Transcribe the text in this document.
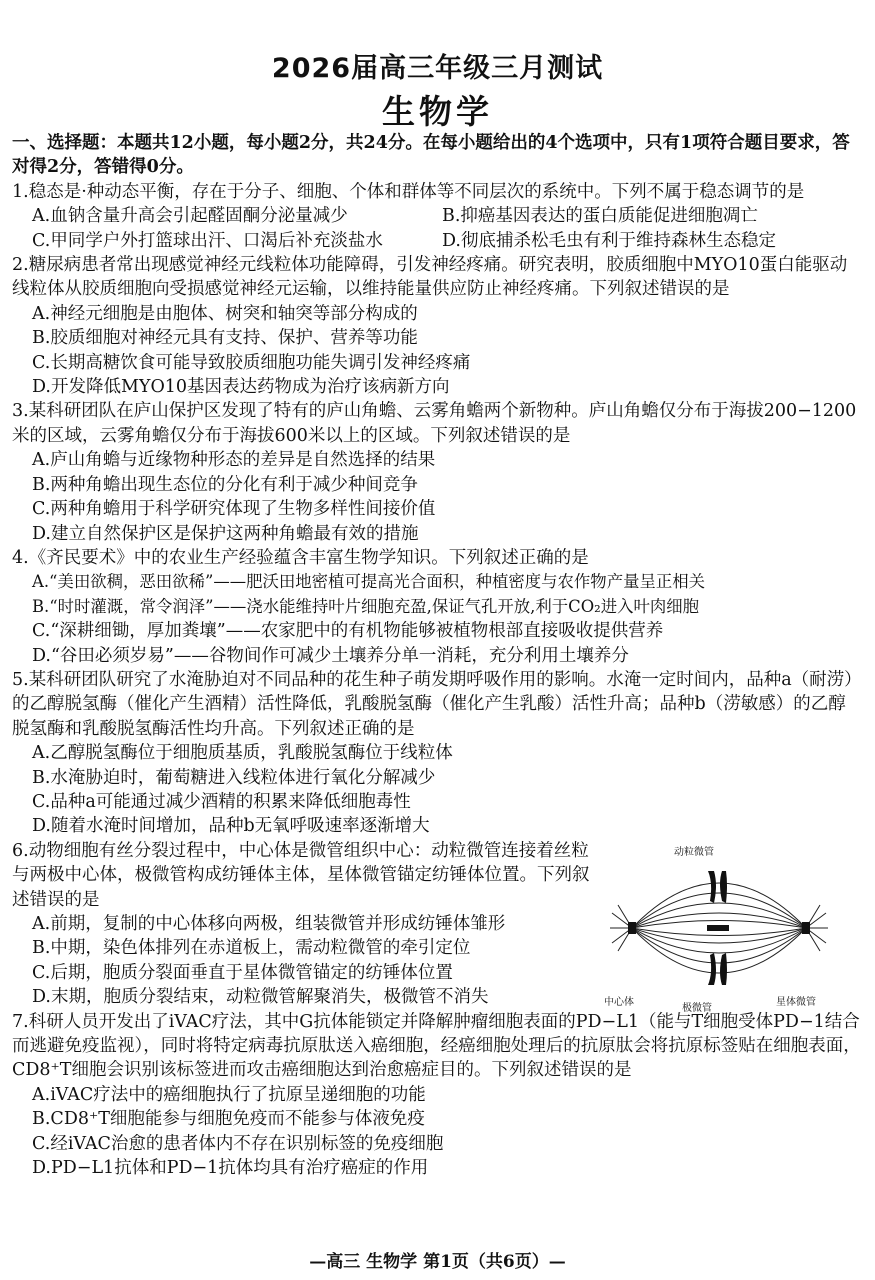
2026届高三年级三月测试
生物学

一、选择题：本题共12小题，每小题2分，共24分。在每小题给出的4个选项中，只有1项符合题目要求，答对得2分，答错得0分。

1.稳态是·种动态平衡，存在于分子、细胞、个体和群体等不同层次的系统中。下列不属于稳态调节的是

A.血钠含量升高会引起醛固酮分泌量减少	B.抑癌基因表达的蛋白质能促进细胞凋亡
C.甲同学户外打篮球出汗、口渴后补充淡盐水	D.彻底捕杀松毛虫有利于维持森林生态稳定

2.糖尿病患者常出现感觉神经元线粒体功能障碍，引发神经疼痛。研究表明，胶质细胞中MYO10蛋白能驱动线粒体从胶质细胞向受损感觉神经元运输，以维持能量供应防止神经疼痛。下列叙述错误的是

A.神经元细胞是由胞体、树突和轴突等部分构成的

B.胶质细胞对神经元具有支持、保护、营养等功能

C.长期高糖饮食可能导致胶质细胞功能失调引发神经疼痛

D.开发降低MYO10基因表达药物成为治疗该病新方向

3.某科研团队在庐山保护区发现了特有的庐山角蟾、云雾角蟾两个新物种。庐山角蟾仅分布于海拔200−1200米的区域，云雾角蟾仅分布于海拔600米以上的区域。下列叙述错误的是

A.庐山角蟾与近缘物种形态的差异是自然选择的结果

B.两种角蟾出现生态位的分化有利于减少种间竞争

C.两种角蟾用于科学研究体现了生物多样性间接价值

D.建立自然保护区是保护这两种角蟾最有效的措施

4.《齐民要术》中的农业生产经验蕴含丰富生物学知识。下列叙述正确的是

A.“美田欲稠，恶田欲稀”——肥沃田地密植可提高光合面积，种植密度与农作物产量呈正相关

B.“时时灌溉，常令润泽”——浇水能维持叶片细胞充盈,保证气孔开放,利于CO₂进入叶肉细胞

C.“深耕细锄，厚加粪壤”——农家肥中的有机物能够被植物根部直接吸收提供营养

D.“谷田必须岁易”——谷物间作可减少土壤养分单一消耗，充分利用土壤养分

5.某科研团队研究了水淹胁迫对不同品种的花生种子萌发期呼吸作用的影响。水淹一定时间内，品种a（耐涝）的乙醇脱氢酶（催化产生酒精）活性降低，乳酸脱氢酶（催化产生乳酸）活性升高；品种b（涝敏感）的乙醇脱氢酶和乳酸脱氢酶活性均升高。下列叙述正确的是

A.乙醇脱氢酶位于细胞质基质，乳酸脱氢酶位于线粒体

B.水淹胁迫时，葡萄糖进入线粒体进行氧化分解减少

C.品种a可能通过减少酒精的积累来降低细胞毒性

D.随着水淹时间增加，品种b无氧呼吸速率逐渐增大

6.动物细胞有丝分裂过程中，中心体是微管组织中心：动粒微管连接着丝粒与两极中心体，极微管构成纺锤体主体，星体微管锚定纺锤体位置。下列叙述错误的是

A.前期，复制的中心体移向两极，组装微管并形成纺锤体雏形

B.中期，染色体排列在赤道板上，需动粒微管的牵引定位

C.后期，胞质分裂面垂直于星体微管锚定的纺锤体位置

D.末期，胞质分裂结束，动粒微管解聚消失，极微管不消失

动粒微管
中心体
极微管
星体微管

7.科研人员开发出了iVAC疗法，其中G抗体能锁定并降解肿瘤细胞表面的PD−L1（能与T细胞受体PD−1结合而逃避免疫监视），同时将特定病毒抗原肽送入癌细胞，经癌细胞处理后的抗原肽会将抗原标签贴在细胞表面，CD8⁺T细胞会识别该标签进而攻击癌细胞达到治愈癌症目的。下列叙述错误的是

A.iVAC疗法中的癌细胞执行了抗原呈递细胞的功能

B.CD8⁺T细胞能参与细胞免疫而不能参与体液免疫

C.经iVAC治愈的患者体内不存在识别标签的免疫细胞

D.PD−L1抗体和PD−1抗体均具有治疗癌症的作用

—高三 生物学 第1页（共6页）—
